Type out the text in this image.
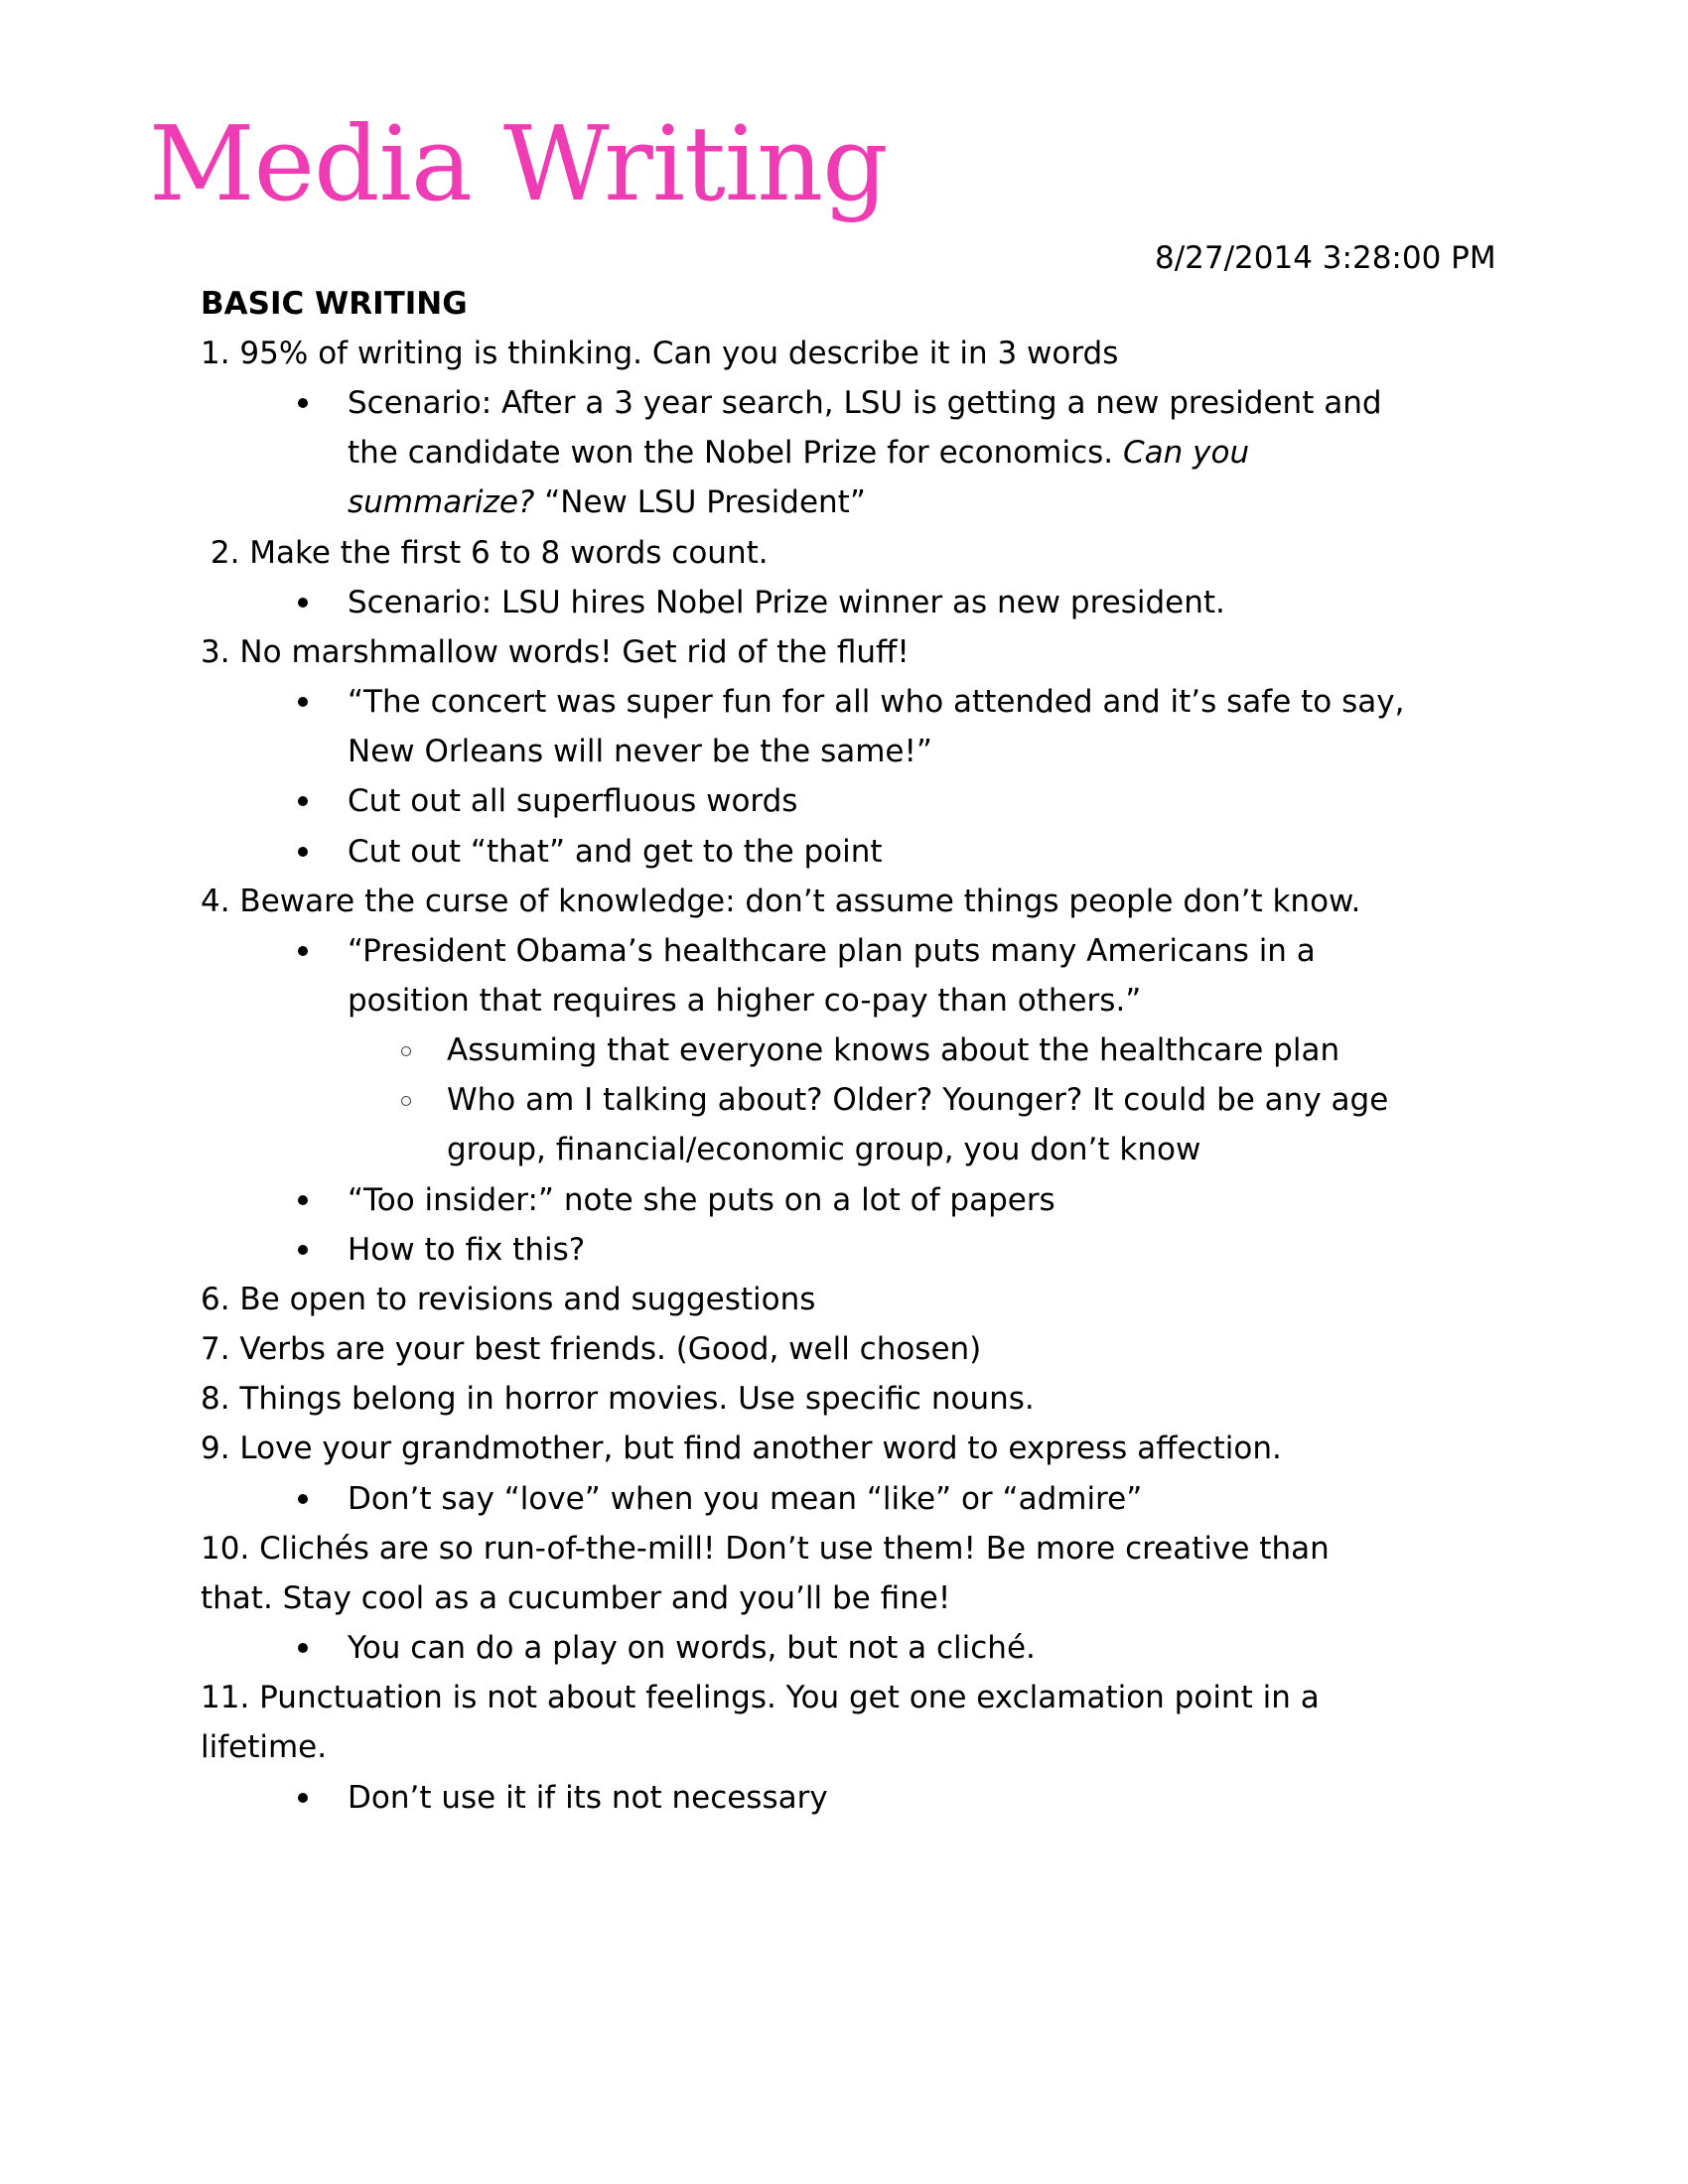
Media Writing
8/27/2014 3:28:00 PM
BASIC WRITING
1. 95% of writing is thinking. Can you describe it in 3 words
Scenario: After a 3 year search, LSU is getting a new president and
the candidate won the Nobel Prize for economics. Can you
summarize? “New LSU President”
2. Make the first 6 to 8 words count.
Scenario: LSU hires Nobel Prize winner as new president.
3. No marshmallow words! Get rid of the fluff!
“The concert was super fun for all who attended and it’s safe to say,
New Orleans will never be the same!”
Cut out all superfluous words
Cut out “that” and get to the point
4. Beware the curse of knowledge: don’t assume things people don’t know.
“President Obama’s healthcare plan puts many Americans in a
position that requires a higher co-pay than others.”
Assuming that everyone knows about the healthcare plan
Who am I talking about? Older? Younger? It could be any age
group, financial/economic group, you don’t know
“Too insider:” note she puts on a lot of papers
How to fix this?
6. Be open to revisions and suggestions
7. Verbs are your best friends. (Good, well chosen)
8. Things belong in horror movies. Use specific nouns.
9. Love your grandmother, but find another word to express affection.
Don’t say “love” when you mean “like” or “admire”
10. Clichés are so run-of-the-mill! Don’t use them! Be more creative than
that. Stay cool as a cucumber and you’ll be fine!
You can do a play on words, but not a cliché.
11. Punctuation is not about feelings. You get one exclamation point in a
lifetime.
Don’t use it if its not necessary
